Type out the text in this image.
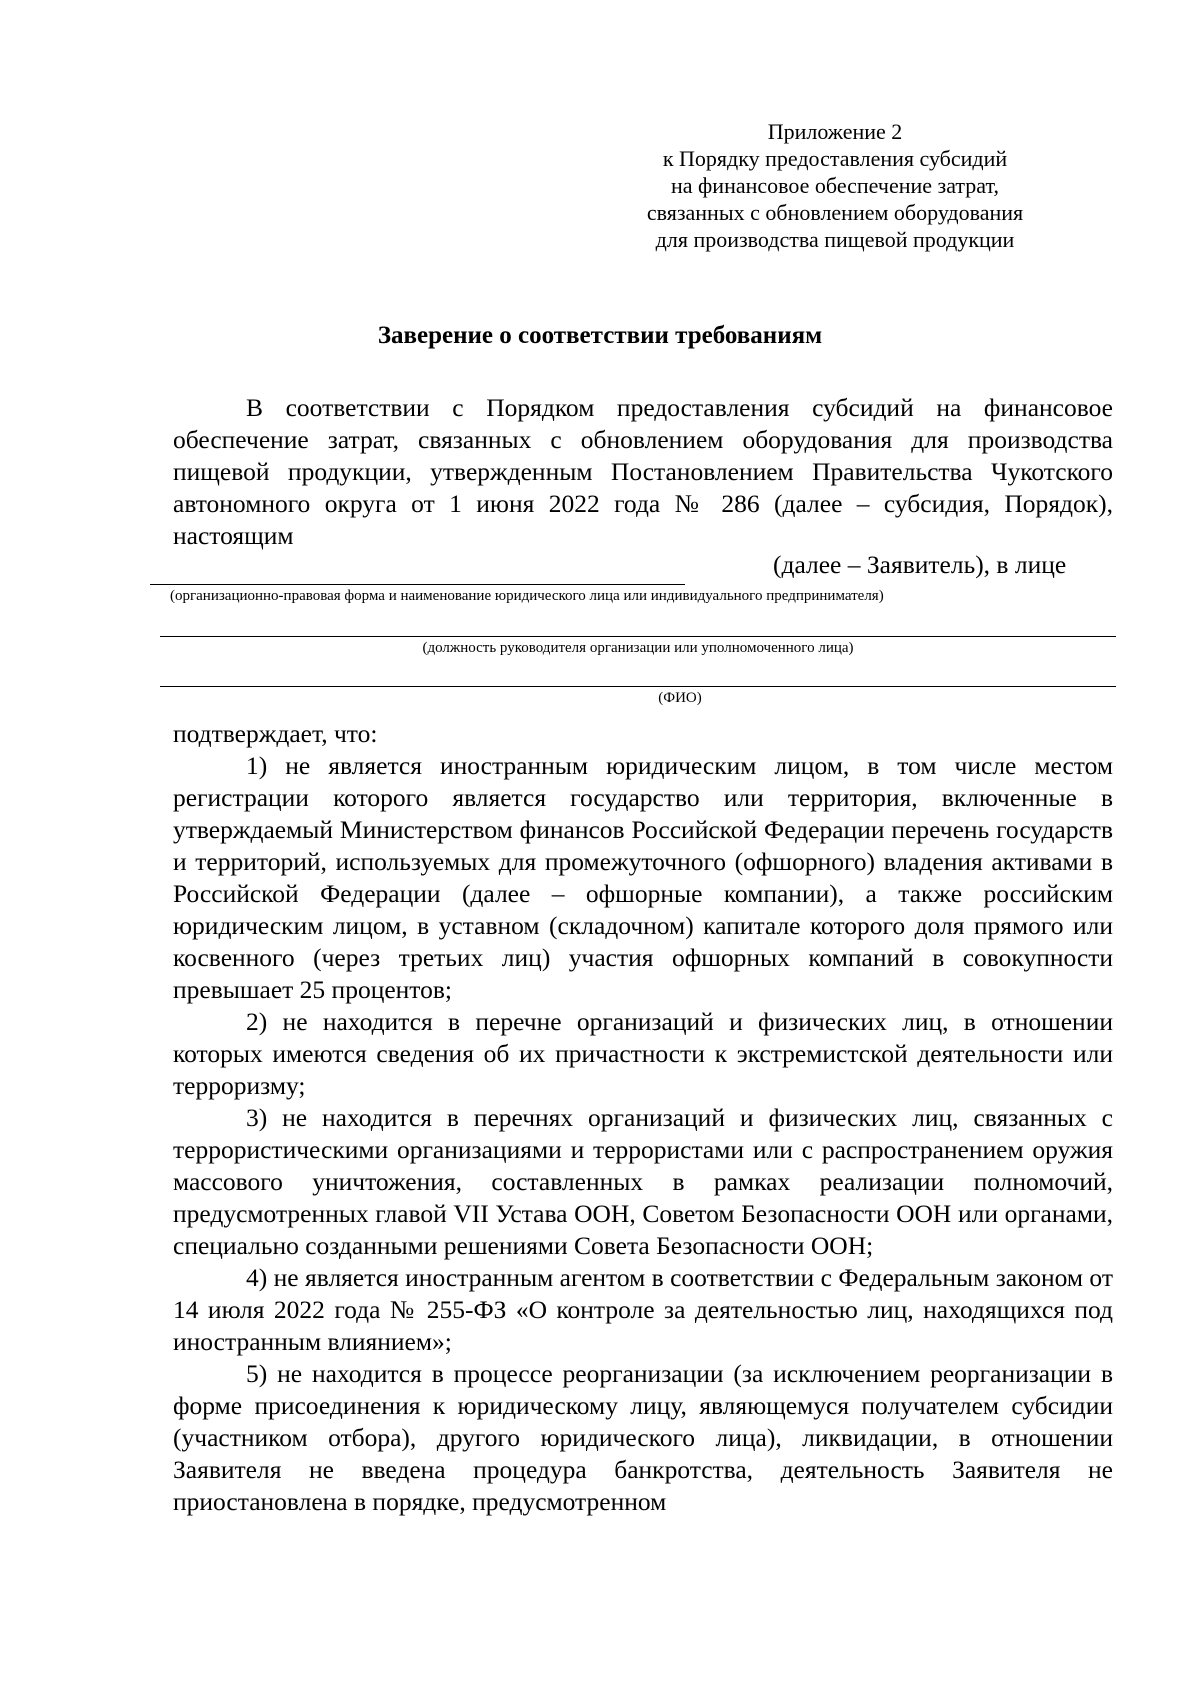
Приложение 2
к Порядку предоставления субсидий
на финансовое обеспечение затрат,
связанных с обновлением оборудования
для производства пищевой продукции
Заверение о соответствии требованиям
В соответствии с Порядком предоставления субсидий на финансовое обеспечение затрат, связанных с обновлением оборудования для производства пищевой продукции, утвержденным Постановлением Правительства Чукотского автономного округа от 1 июня 2022 года № 286 (далее – субсидия, Порядок), настоящим
(далее – Заявитель), в лице
(организационно-правовая форма и наименование юридического лица или индивидуального предпринимателя)
(должность руководителя организации или уполномоченного лица)
(ФИО)

подтверждает, что:

1) не является иностранным юридическим лицом, в том числе местом регистрации которого является государство или территория, включенные в утверждаемый Министерством финансов Российской Федерации перечень государств и территорий, используемых для промежуточного (офшорного) владения активами в Российской Федерации (далее – офшорные компании), а также российским юридическим лицом, в уставном (складочном) капитале которого доля прямого или косвенного (через третьих лиц) участия офшорных компаний в совокупности превышает 25 процентов;

2) не находится в перечне организаций и физических лиц, в отношении которых имеются сведения об их причастности к экстремистской деятельности или терроризму;

3) не находится в перечнях организаций и физических лиц, связанных с террористическими организациями и террористами или с распространением оружия массового уничтожения, составленных в рамках реализации полномочий, предусмотренных главой VII Устава ООН, Советом Безопасности ООН или органами, специально созданными решениями Совета Безопасности ООН;

4) не является иностранным агентом в соответствии с Федеральным законом от 14 июля 2022 года № 255-ФЗ «О контроле за деятельностью лиц, находящихся под иностранным влиянием»;

5) не находится в процессе реорганизации (за исключением реорганизации в форме присоединения к юридическому лицу, являющемуся получателем субсидии (участником отбора), другого юридического лица), ликвидации, в отношении Заявителя не введена процедура банкротства, деятельность Заявителя не приостановлена в порядке, предусмотренном
